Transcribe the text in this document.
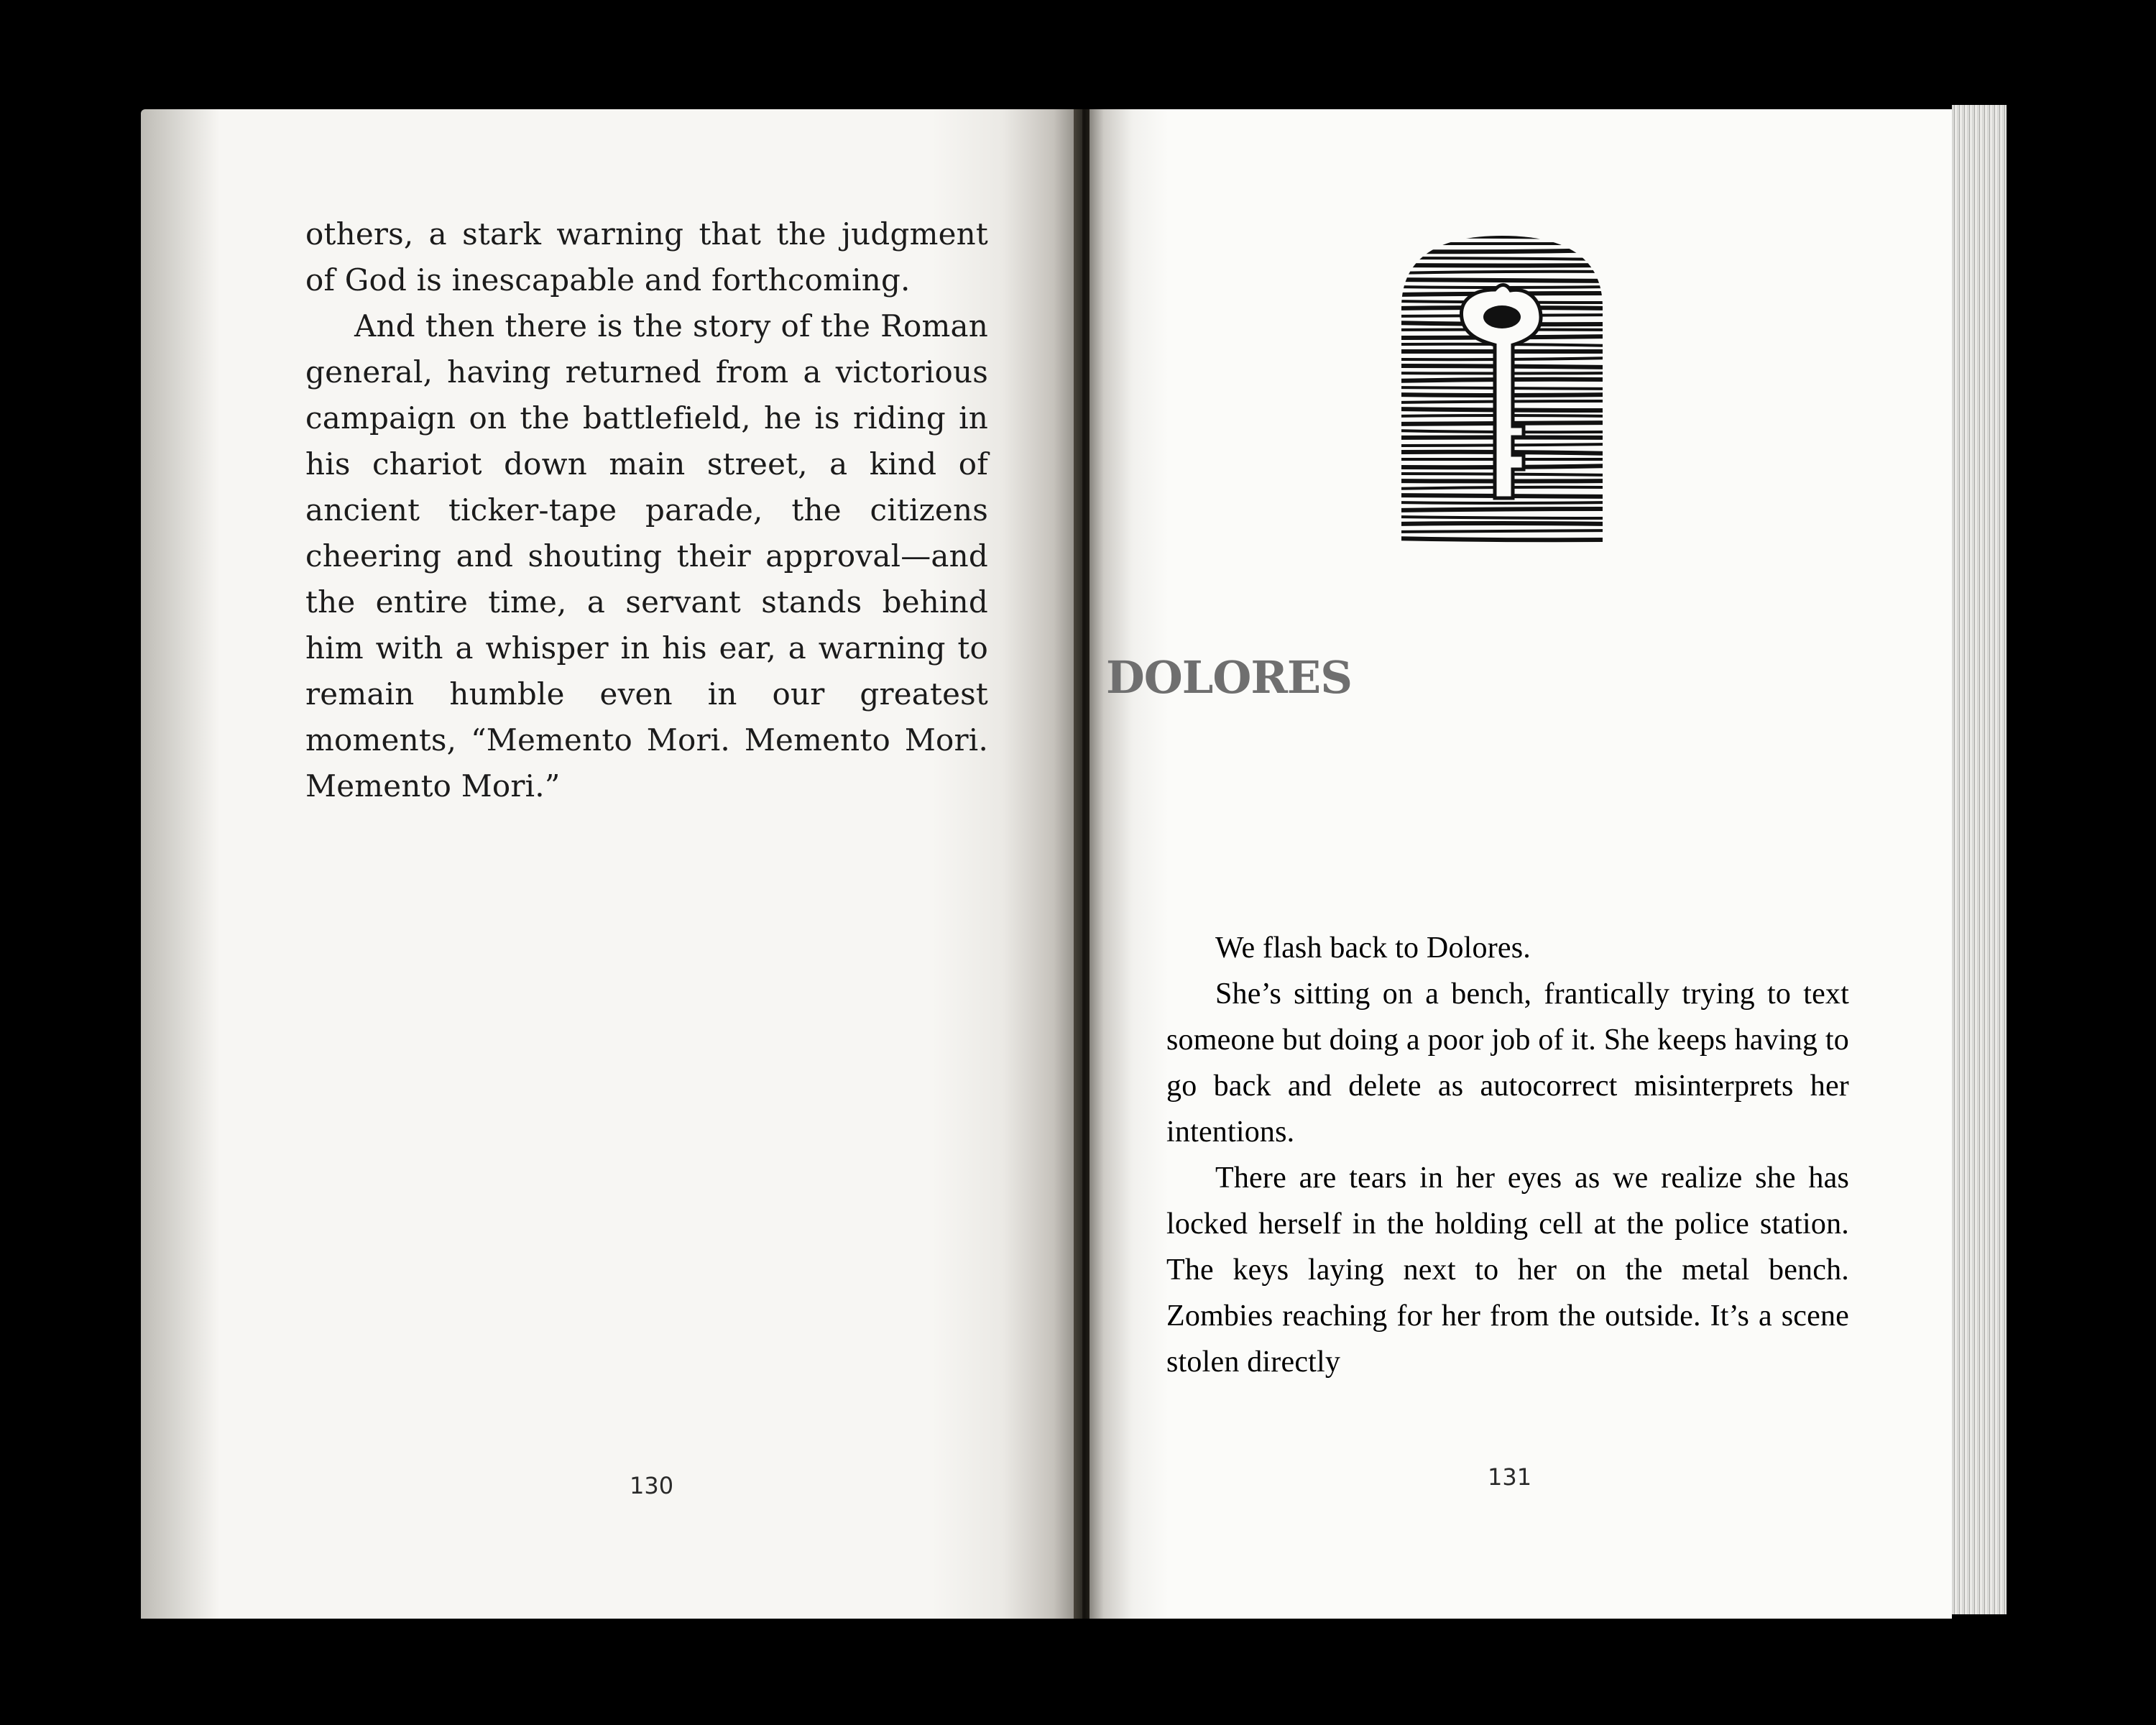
others, a stark warning that the judgment of God is inescapable and forthcoming.

And then there is the story of the Roman general, having returned from a victorious campaign on the battlefield, he is riding in his chariot down main street, a kind of ancient ticker-tape parade, the citizens cheering and shouting their approval—and the entire time, a servant stands behind him with a whisper in his ear, a warning to remain humble even in our greatest moments, “Memento Mori. Memento Mori. Memento Mori.”

130
DOLORES

We flash back to Dolores.

She’s sitting on a bench, frantically trying to text someone but doing a poor job of it. She keeps having to go back and delete as autocorrect misinterprets her intentions.

There are tears in her eyes as we realize she has locked herself in the holding cell at the police station. The keys laying next to her on the metal bench. Zombies reaching for her from the outside. It’s a scene stolen directly

131
